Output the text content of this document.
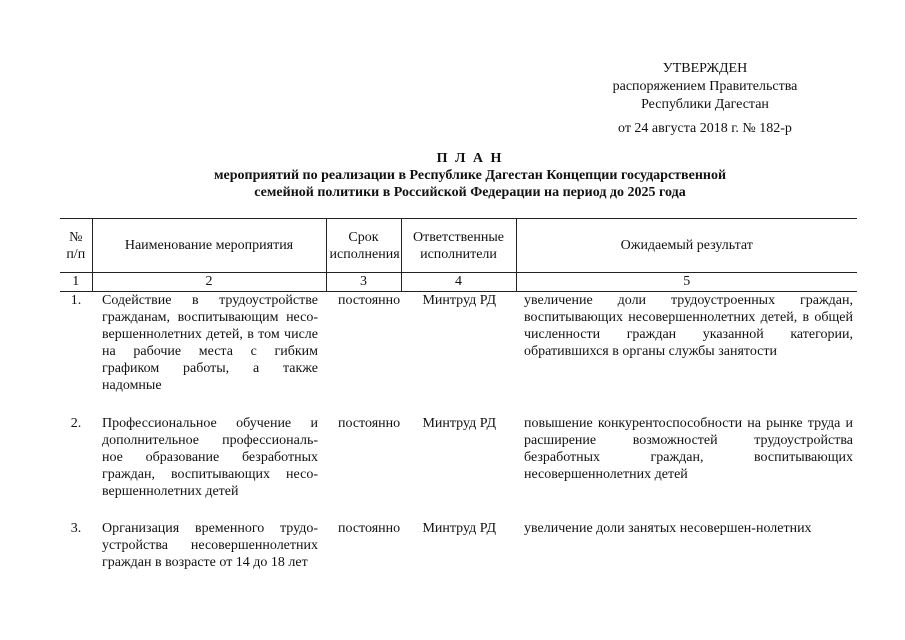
УТВЕРЖДЕН
распоряжением Правительства
Республики Дагестан
от 24 августа 2018 г. № 182-р
П Л А Н
мероприятий по реализации в Республике Дагестан Концепции государственной
семейной политики в Российской Федерации на период до 2025 года
№ п/п	Наименование мероприятия	Срок исполнения	Ответственные исполнители	Ожидаемый результат
1	2	3	4	5
1.	Содействие в трудоустройстве гражданам, воспитывающим несо-вершеннолетних детей, в том числе на рабочие места с гибким графиком работы, а также надомные	постоянно	Минтруд РД	увеличение доли трудоустроенных граждан, воспитывающих несовершеннолетних детей, в общей численности граждан указанной категории, обратившихся в органы службы занятости
2.	Профессиональное обучение и дополнительное профессиональ-ное образование безработных граждан, воспитывающих несо-вершеннолетних детей	постоянно	Минтруд РД	повышение конкурентоспособности на рынке труда и расширение возможностей трудоустройства безработных граждан, воспитывающих несовершеннолетних детей
3.	Организация временного трудо-устройства несовершеннолетних граждан в возрасте от 14 до 18 лет	постоянно	Минтруд РД	увеличение доли занятых несовершен-нолетних
